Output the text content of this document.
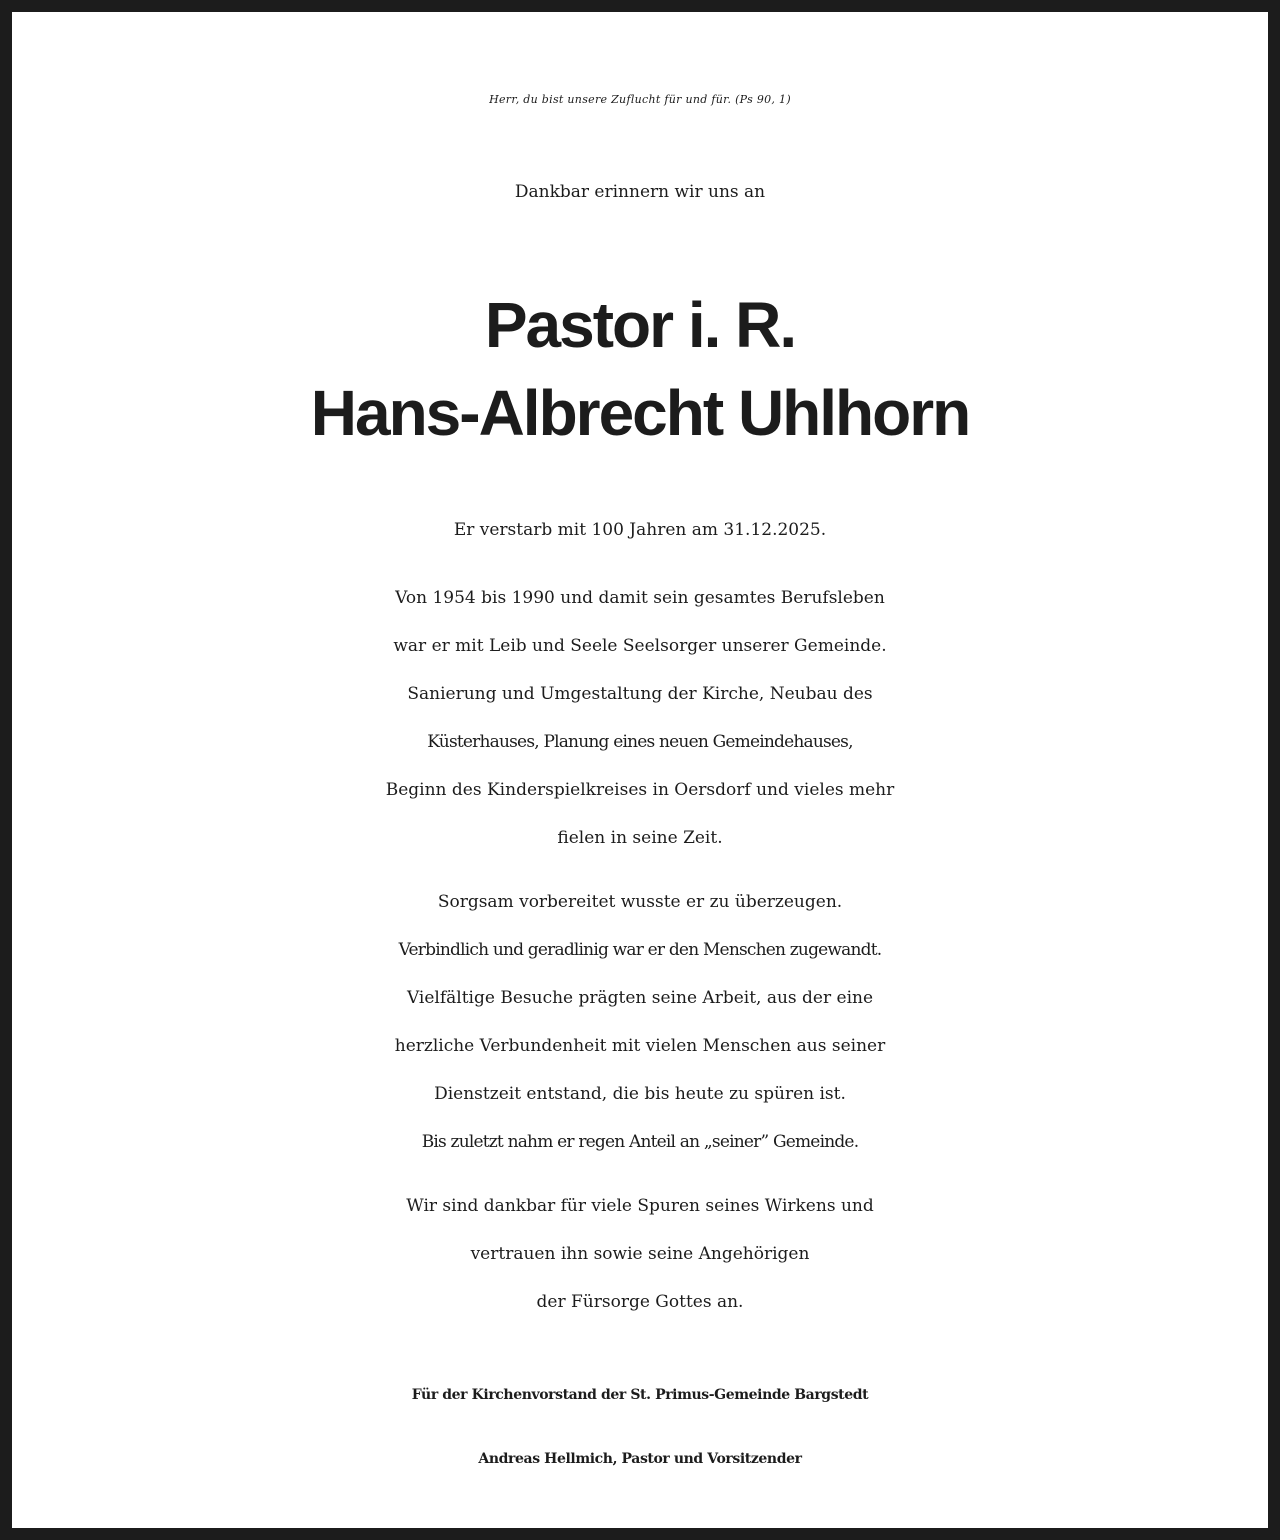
Herr, du bist unsere Zuflucht für und für. (Ps 90, 1)

Dankbar erinnern wir uns an

Pastor i. R.
Hans-Albrecht Uhlhorn

Er verstarb mit 100 Jahren am 31.12.2025.

Von 1954 bis 1990 und damit sein gesamtes Berufsleben

war er mit Leib und Seele Seelsorger unserer Gemeinde.

Sanierung und Umgestaltung der Kirche, Neubau des

Küsterhauses, Planung eines neuen Gemeindehauses,

Beginn des Kinderspielkreises in Oersdorf und vieles mehr

fielen in seine Zeit.

Sorgsam vorbereitet wusste er zu überzeugen.

Verbindlich und geradlinig war er den Menschen zugewandt.

Vielfältige Besuche prägten seine Arbeit, aus der eine

herzliche Verbundenheit mit vielen Menschen aus seiner

Dienstzeit entstand, die bis heute zu spüren ist.

Bis zuletzt nahm er regen Anteil an „seiner” Gemeinde.

Wir sind dankbar für viele Spuren seines Wirkens und

vertrauen ihn sowie seine Angehörigen

der Fürsorge Gottes an.

Für der Kirchenvorstand der St. Primus-Gemeinde Bargstedt

Andreas Hellmich, Pastor und Vorsitzender
